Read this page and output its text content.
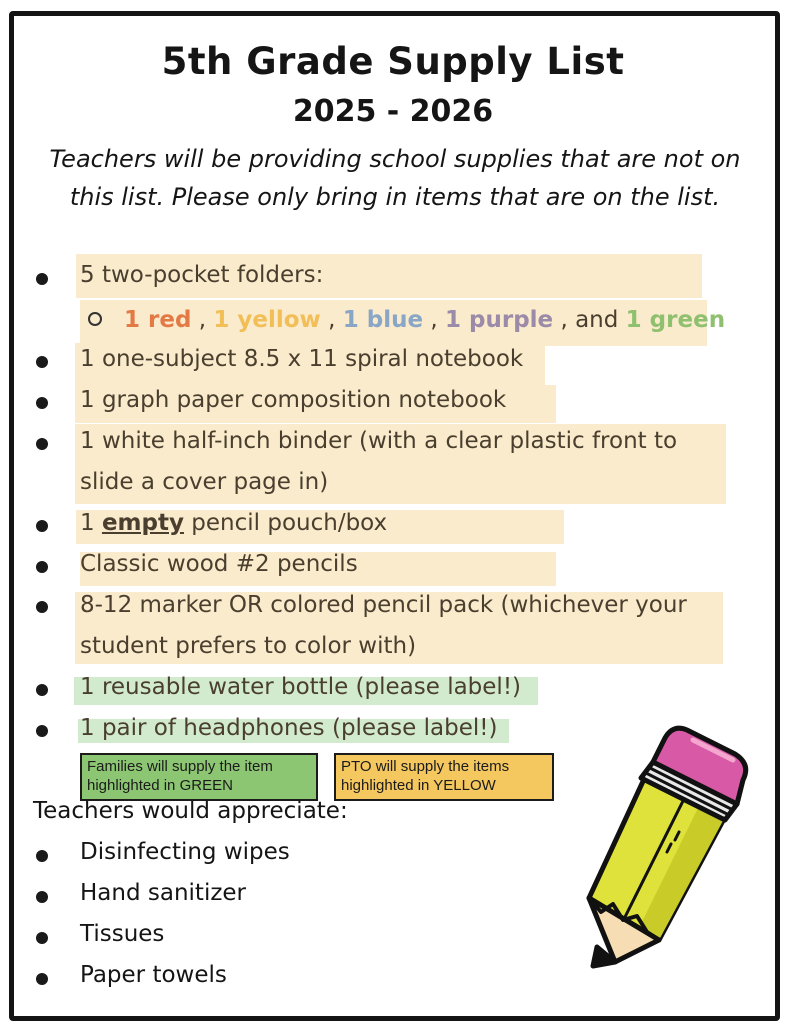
5th Grade Supply List
2025 - 2026
Teachers will be providing school supplies that are not on
this list. Please only bring in items that are on the list.
5 two-pocket folders:
1 red , 1 yellow , 1 blue , 1 purple , and 1 green
1 one-subject 8.5 x 11 spiral notebook
1 graph paper composition notebook
1 white half-inch binder (with a clear plastic front to
slide a cover page in)
1 empty pencil pouch/box
Classic wood #2 pencils
8-12 marker OR colored pencil pack (whichever your
student prefers to color with)
1 reusable water bottle (please label!)
1 pair of headphones (please label!)
Families will supply the item
highlighted in GREEN
PTO will supply the items
highlighted in YELLOW
Teachers would appreciate:
Disinfecting wipes
Hand sanitizer
Tissues
Paper towels
